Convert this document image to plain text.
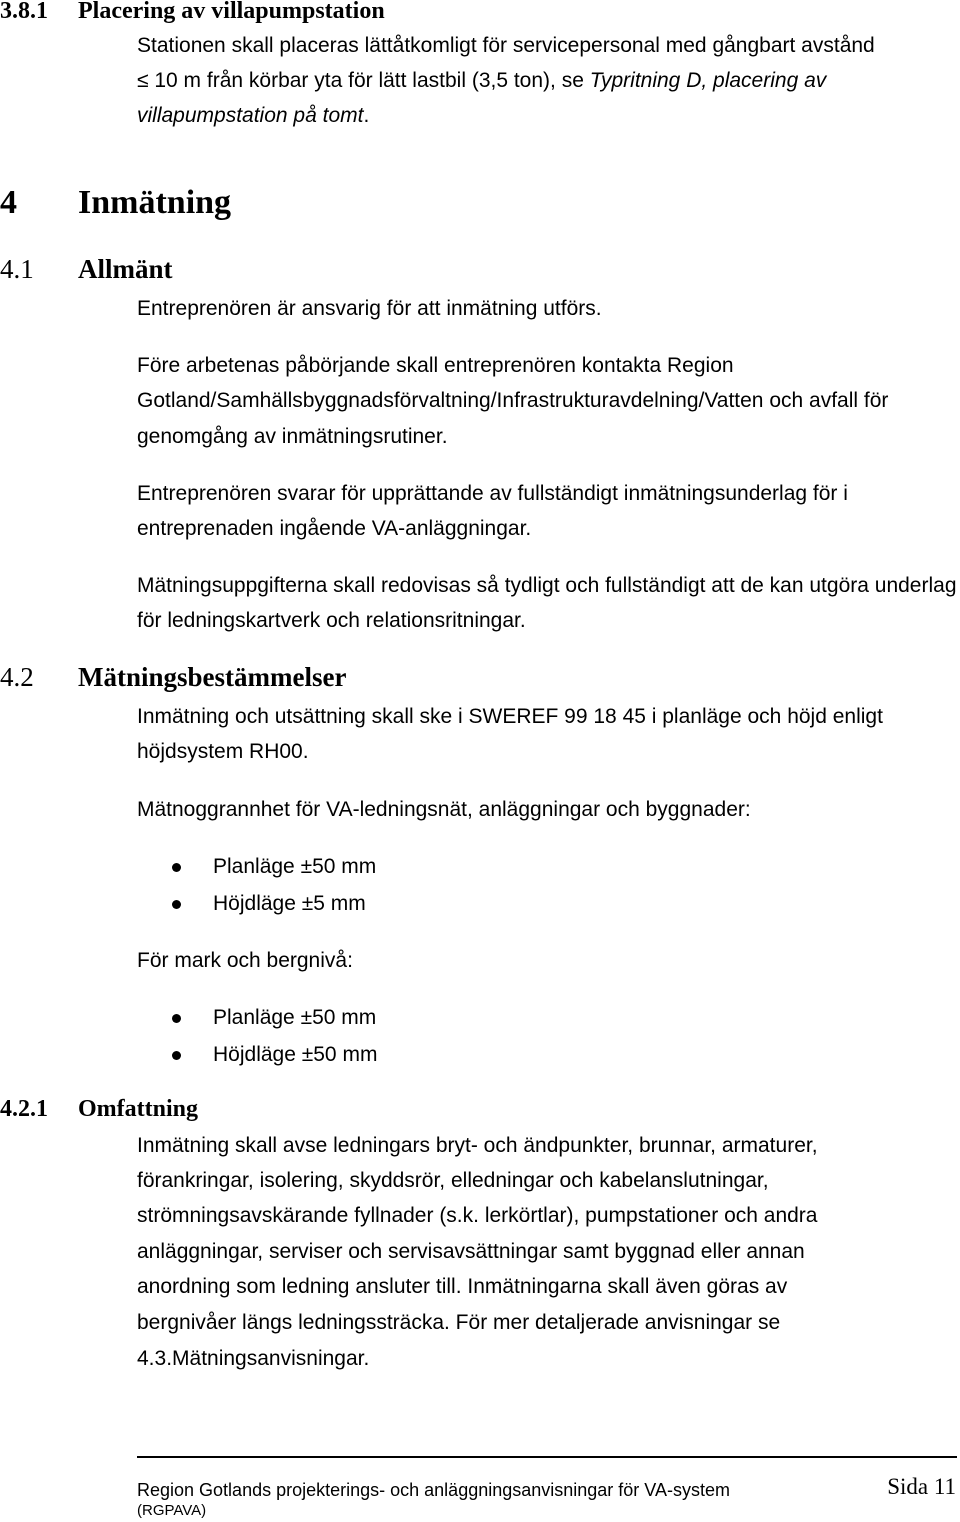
3.8.1 Placering av villapumpstation
Stationen skall placeras lättåtkomligt för servicepersonal med gångbart avstånd
≤ 10 m från körbar yta för lätt lastbil (3,5 ton), se Typritning D, placering av
villapumpstation på tomt.
4 Inmätning
4.1 Allmänt

Entreprenören är ansvarig för att inmätning utförs.

Före arbetenas påbörjande skall entreprenören kontakta Region Gotland/Samhällsbyggnadsförvaltning/Infrastrukturavdelning/Vatten och avfall för genomgång av inmätningsrutiner.

Entreprenören svarar för upprättande av fullständigt inmätningsunderlag för i entreprenaden ingående VA-anläggningar.

Mätningsuppgifterna skall redovisas så tydligt och fullständigt att de kan utgöra underlag för ledningskartverk och relationsritningar.

4.2 Mätningsbestämmelser

Inmätning och utsättning skall ske i SWEREF 99 18 45 i planläge och höjd enligt höjdsystem RH00.

Mätnoggrannhet för VA-ledningsnät, anläggningar och byggnader:

Planläge ±50 mm
Höjdläge ±5 mm

För mark och bergnivå:

Planläge ±50 mm
Höjdläge ±50 mm
4.2.1 Omfattning
Inmätning skall avse ledningars bryt- och ändpunkter, brunnar, armaturer,
förankringar, isolering, skyddsrör, elledningar och kabelanslutningar,
strömningsavskärande fyllnader (s.k. lerkörtlar), pumpstationer och andra
anläggningar, serviser och servisavsättningar samt byggnad eller annan
anordning som ledning ansluter till. Inmätningarna skall även göras av
bergnivåer längs ledningssträcka. För mer detaljerade anvisningar se
4.3.Mätningsanvisningar.
Region Gotlands projekterings- och anläggningsanvisningar för VA-system
(RGPAVA)
Sida 11
